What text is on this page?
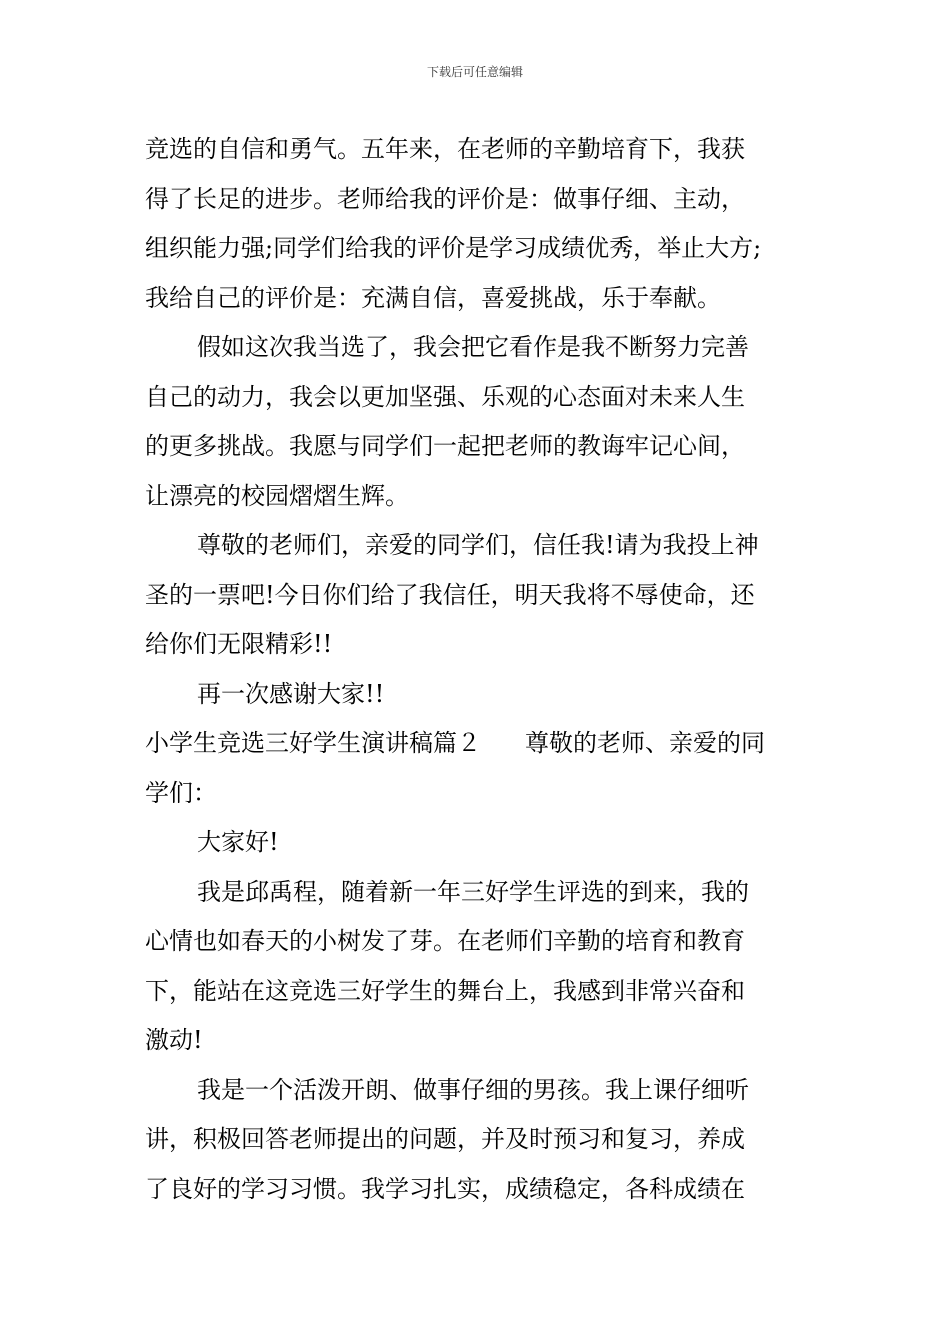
下载后可任意编辑
竞选的自信和勇气。五年来，在老师的辛勤培育下，我获
得了长足的进步。老师给我的评价是：做事仔细、主动，
组织能力强;同学们给我的评价是学习成绩优秀，举止大方;
我给自己的评价是：充满自信，喜爱挑战，乐于奉献。
假如这次我当选了，我会把它看作是我不断努力完善
自己的动力，我会以更加坚强、乐观的心态面对未来人生
的更多挑战。我愿与同学们一起把老师的教诲牢记心间，
让漂亮的校园熠熠生辉。
尊敬的老师们，亲爱的同学们，信任我!请为我投上神
圣的一票吧!今日你们给了我信任，明天我将不辱使命，还
给你们无限精彩!!
再一次感谢大家!!
小学生竞选三好学生演讲稿篇２ 尊敬的老师、亲爱的同
学们：
大家好!
我是邱禹程，随着新一年三好学生评选的到来，我的
心情也如春天的小树发了芽。在老师们辛勤的培育和教育
下，能站在这竞选三好学生的舞台上，我感到非常兴奋和
激动!
我是一个活泼开朗、做事仔细的男孩。我上课仔细听
讲，积极回答老师提出的问题，并及时预习和复习，养成
了良好的学习习惯。我学习扎实，成绩稳定，各科成绩在
